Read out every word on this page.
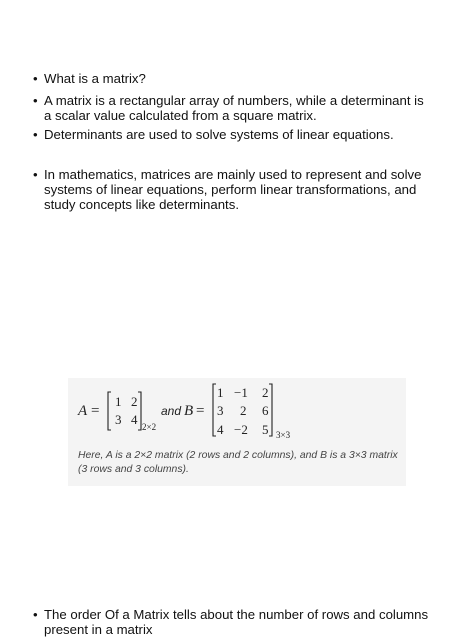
• What is a matrix?
• A matrix is a rectangular array of numbers, while a determinant is a scalar value calculated from a square matrix.
• Determinants are used to solve systems of linear equations.
• In mathematics, matrices are mainly used to represent and solve systems of linear equations, perform linear transformations, and study concepts like determinants.
A =
1 2
3 4 2×2
and B =
1 −1 2
3 2 6
4 −2 5 3×3
Here, A is a 2×2 matrix (2 rows and 2 columns), and B is a 3×3 matrix (3 rows and 3 columns).
• The order Of a Matrix tells about the number of rows and columns present in a matrix
